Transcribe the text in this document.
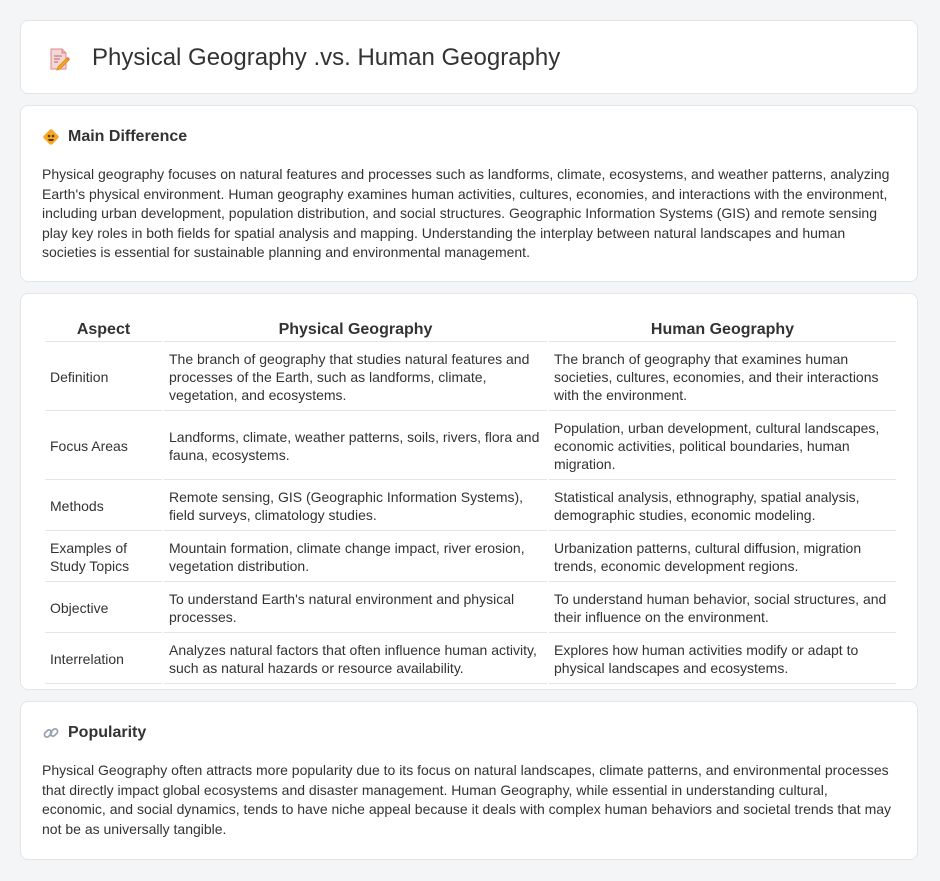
Physical Geography .vs. Human Geography
Main Difference

Physical geography focuses on natural features and processes such as landforms, climate, ecosystems, and weather patterns, analyzing Earth's physical environment. Human geography examines human activities, cultures, economies, and interactions with the environment, including urban development, population distribution, and social structures. Geographic Information Systems (GIS) and remote sensing play key roles in both fields for spatial analysis and mapping. Understanding the interplay between natural landscapes and human societies is essential for sustainable planning and environmental management.

Aspect	Physical Geography	Human Geography
Definition	The branch of geography that studies natural features and processes of the Earth, such as landforms, climate, vegetation, and ecosystems.	The branch of geography that examines human societies, cultures, economies, and their interactions with the environment.
Focus Areas	Landforms, climate, weather patterns, soils, rivers, flora and fauna, ecosystems.	Population, urban development, cultural landscapes, economic activities, political boundaries, human migration.
Methods	Remote sensing, GIS (Geographic Information Systems), field surveys, climatology studies.	Statistical analysis, ethnography, spatial analysis, demographic studies, economic modeling.
Examples of Study Topics	Mountain formation, climate change impact, river erosion, vegetation distribution.	Urbanization patterns, cultural diffusion, migration trends, economic development regions.
Objective	To understand Earth's natural environment and physical processes.	To understand human behavior, social structures, and their influence on the environment.
Interrelation	Analyzes natural factors that often influence human activity, such as natural hazards or resource availability.	Explores how human activities modify or adapt to physical landscapes and ecosystems.
Popularity

Physical Geography often attracts more popularity due to its focus on natural landscapes, climate patterns, and environmental processes that directly impact global ecosystems and disaster management. Human Geography, while essential in understanding cultural, economic, and social dynamics, tends to have niche appeal because it deals with complex human behaviors and societal trends that may not be as universally tangible.
